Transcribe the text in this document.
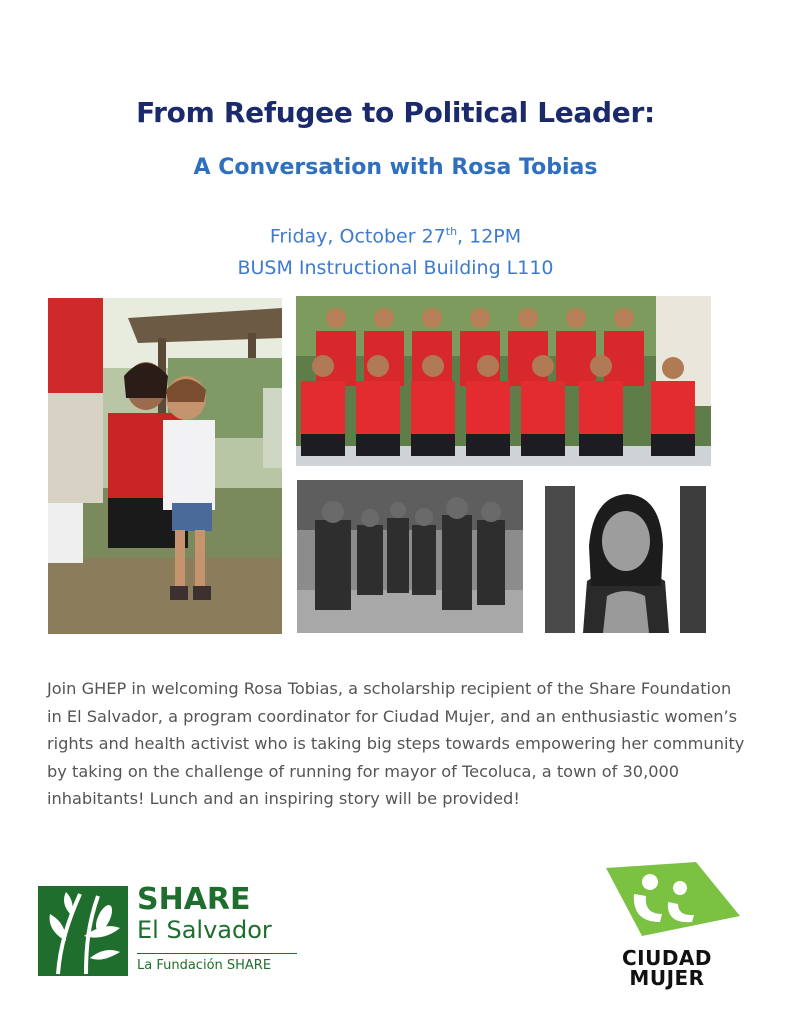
From Refugee to Political Leader:
A Conversation with Rosa Tobias
Friday, October 27th, 12PM
BUSM Instructional Building L110

Join GHEP in welcoming Rosa Tobias, a scholarship recipient of the Share Foundation in El Salvador, a program coordinator for Ciudad Mujer, and an enthusiastic women’s rights and health activist who is taking big steps towards empowering her community by taking on the challenge of running for mayor of Tecoluca, a town of 30,000 inhabitants! Lunch and an inspiring story will be provided!

SHARE
El Salvador
La Fundación SHARE	CIUDAD
MUJER
